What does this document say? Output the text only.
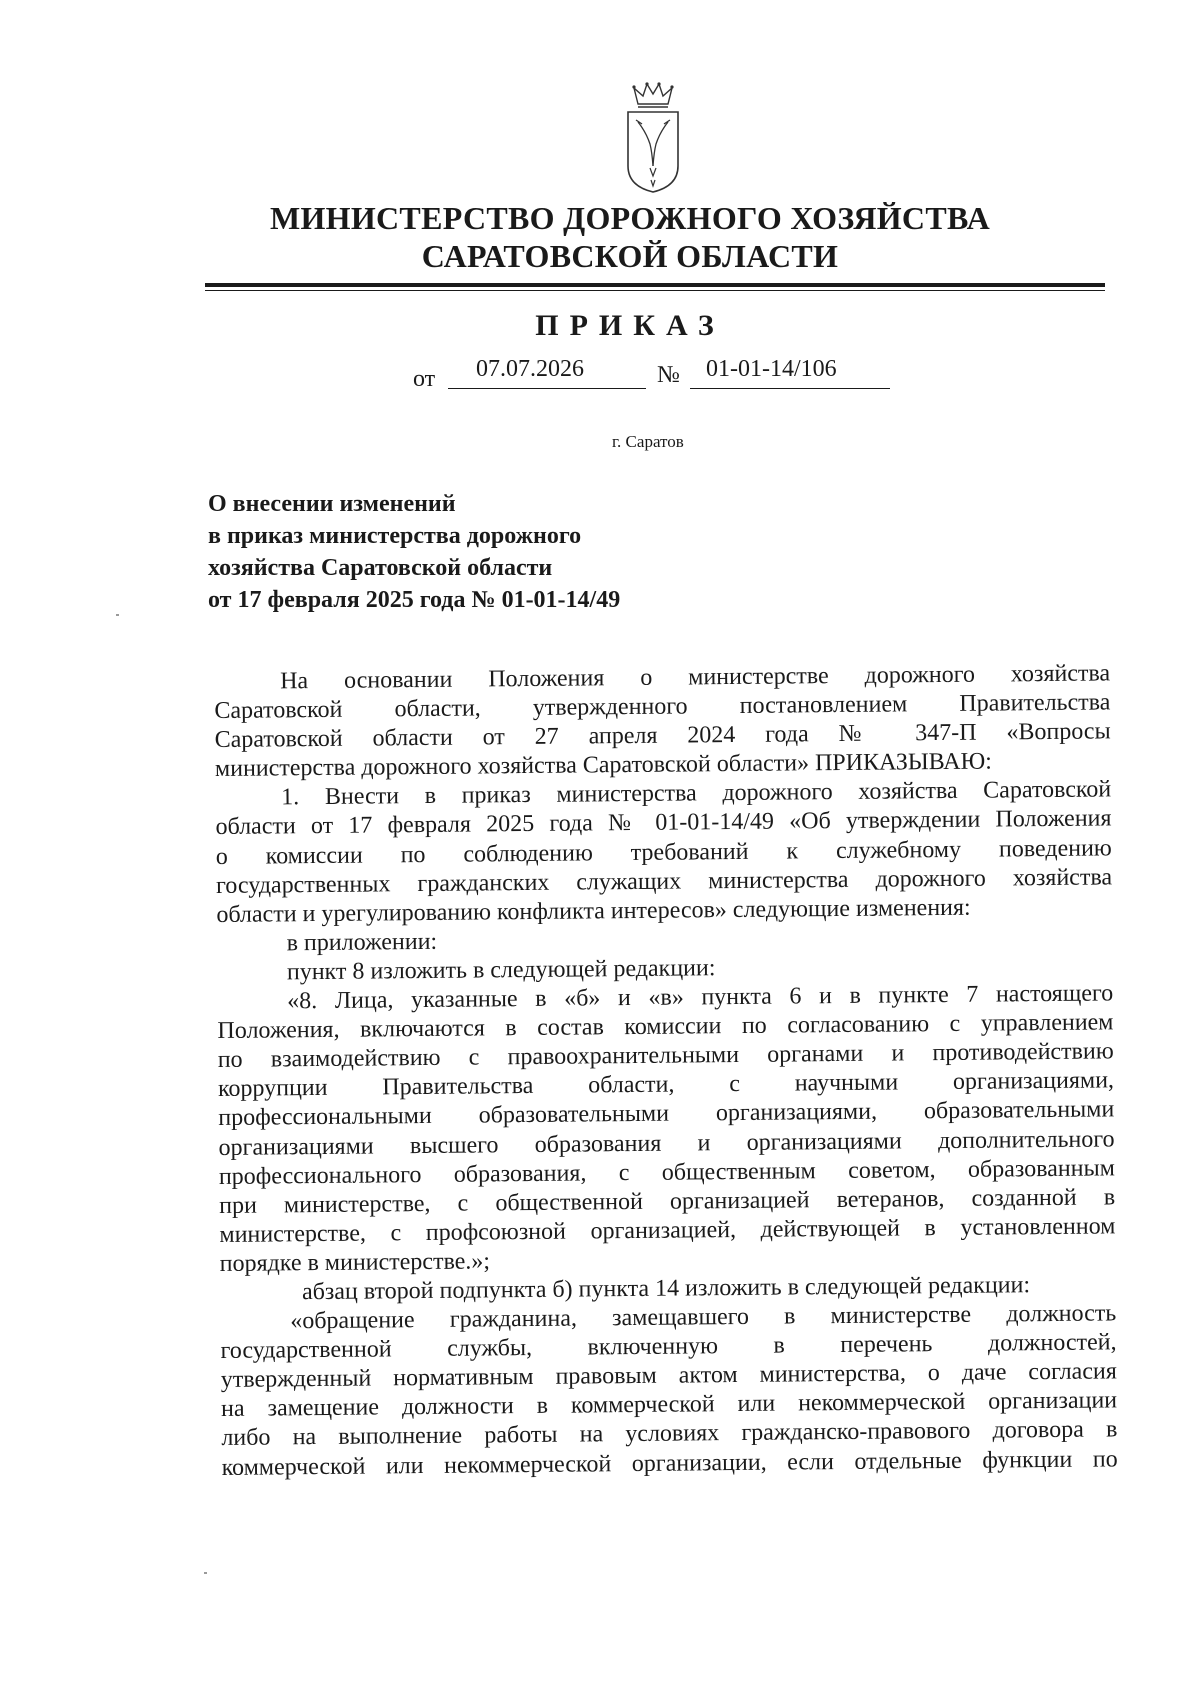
МИНИСТЕРСТВО ДОРОЖНОГО ХОЗЯЙСТВА
САРАТОВСКОЙ ОБЛАСТИ
ПРИКАЗ
от 07.07.2026	№ 01-01-14/106
г. Саратов
О внесении изменений
в приказ министерства дорожного
хозяйства Саратовской области
от 17 февраля 2025 года № 01-01-14/49
На основании Положения о министерстве дорожного хозяйства
Саратовской области, утвержденного постановлением Правительства
Саратовской области от 27 апреля 2024 года № 347-П «Вопросы
министерства дорожного хозяйства Саратовской области» ПРИКАЗЫВАЮ:
1. Внести в приказ министерства дорожного хозяйства Саратовской
области от 17 февраля 2025 года № 01-01-14/49 «Об утверждении Положения
о комиссии по соблюдению требований к служебному поведению
государственных гражданских служащих министерства дорожного хозяйства
области и урегулированию конфликта интересов» следующие изменения:
в приложении:
пункт 8 изложить в следующей редакции:
«8. Лица, указанные в «б» и «в» пункта 6 и в пункте 7 настоящего
Положения, включаются в состав комиссии по согласованию с управлением
по взаимодействию с правоохранительными органами и противодействию
коррупции Правительства области, с научными организациями,
профессиональными образовательными организациями, образовательными
организациями высшего образования и организациями дополнительного
профессионального образования, с общественным советом, образованным
при министерстве, с общественной организацией ветеранов, созданной в
министерстве, с профсоюзной организацией, действующей в установленном
порядке в министерстве.»;
абзац второй подпункта б) пункта 14 изложить в следующей редакции:
«обращение гражданина, замещавшего в министерстве должность
государственной службы, включенную в перечень должностей,
утвержденный нормативным правовым актом министерства, о даче согласия
на замещение должности в коммерческой или некоммерческой организации
либо на выполнение работы на условиях гражданско-правового договора в
коммерческой или некоммерческой организации, если отдельные функции по
